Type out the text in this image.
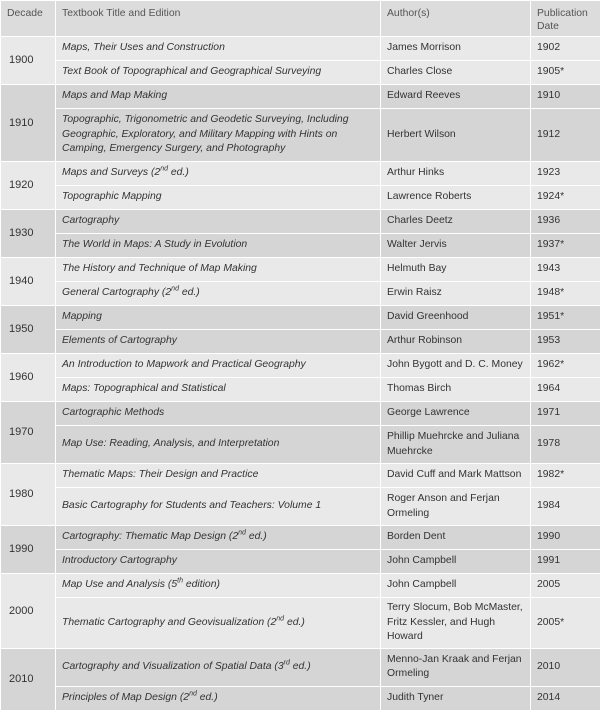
Decade	Textbook Title and Edition	Author(s)	Publication Date
1900	Maps, Their Uses and Construction	James Morrison	1902
	Text Book of Topographical and Geographical Surveying	Charles Close	1905*
1910	Maps and Map Making	Edward Reeves	1910
	Topographic, Trigonometric and Geodetic Surveying, Including Geographic, Exploratory, and Military Mapping with Hints on Camping, Emergency Surgery, and Photography	Herbert Wilson	1912
1920	Maps and Surveys (2nd ed.)	Arthur Hinks	1923
	Topographic Mapping	Lawrence Roberts	1924*
1930	Cartography	Charles Deetz	1936
	The World in Maps: A Study in Evolution	Walter Jervis	1937*
1940	The History and Technique of Map Making	Helmuth Bay	1943
	General Cartography (2nd ed.)	Erwin Raisz	1948*
1950	Mapping	David Greenhood	1951*
	Elements of Cartography	Arthur Robinson	1953
1960	An Introduction to Mapwork and Practical Geography	John Bygott and D. C. Money	1962*
	Maps: Topographical and Statistical	Thomas Birch	1964
1970	Cartographic Methods	George Lawrence	1971
	Map Use: Reading, Analysis, and Interpretation	Phillip Muehrcke and Juliana Muehrcke	1978
1980	Thematic Maps: Their Design and Practice	David Cuff and Mark Mattson	1982*
	Basic Cartography for Students and Teachers: Volume 1	Roger Anson and Ferjan Ormeling	1984
1990	Cartography: Thematic Map Design (2nd ed.)	Borden Dent	1990
	Introductory Cartography	John Campbell	1991
2000	Map Use and Analysis (5th edition)	John Campbell	2005
	Thematic Cartography and Geovisualization (2nd ed.)	Terry Slocum, Bob McMaster, Fritz Kessler, and Hugh Howard	2005*
2010	Cartography and Visualization of Spatial Data (3rd ed.)	Menno-Jan Kraak and Ferjan Ormeling	2010
	Principles of Map Design (2nd ed.)	Judith Tyner	2014
